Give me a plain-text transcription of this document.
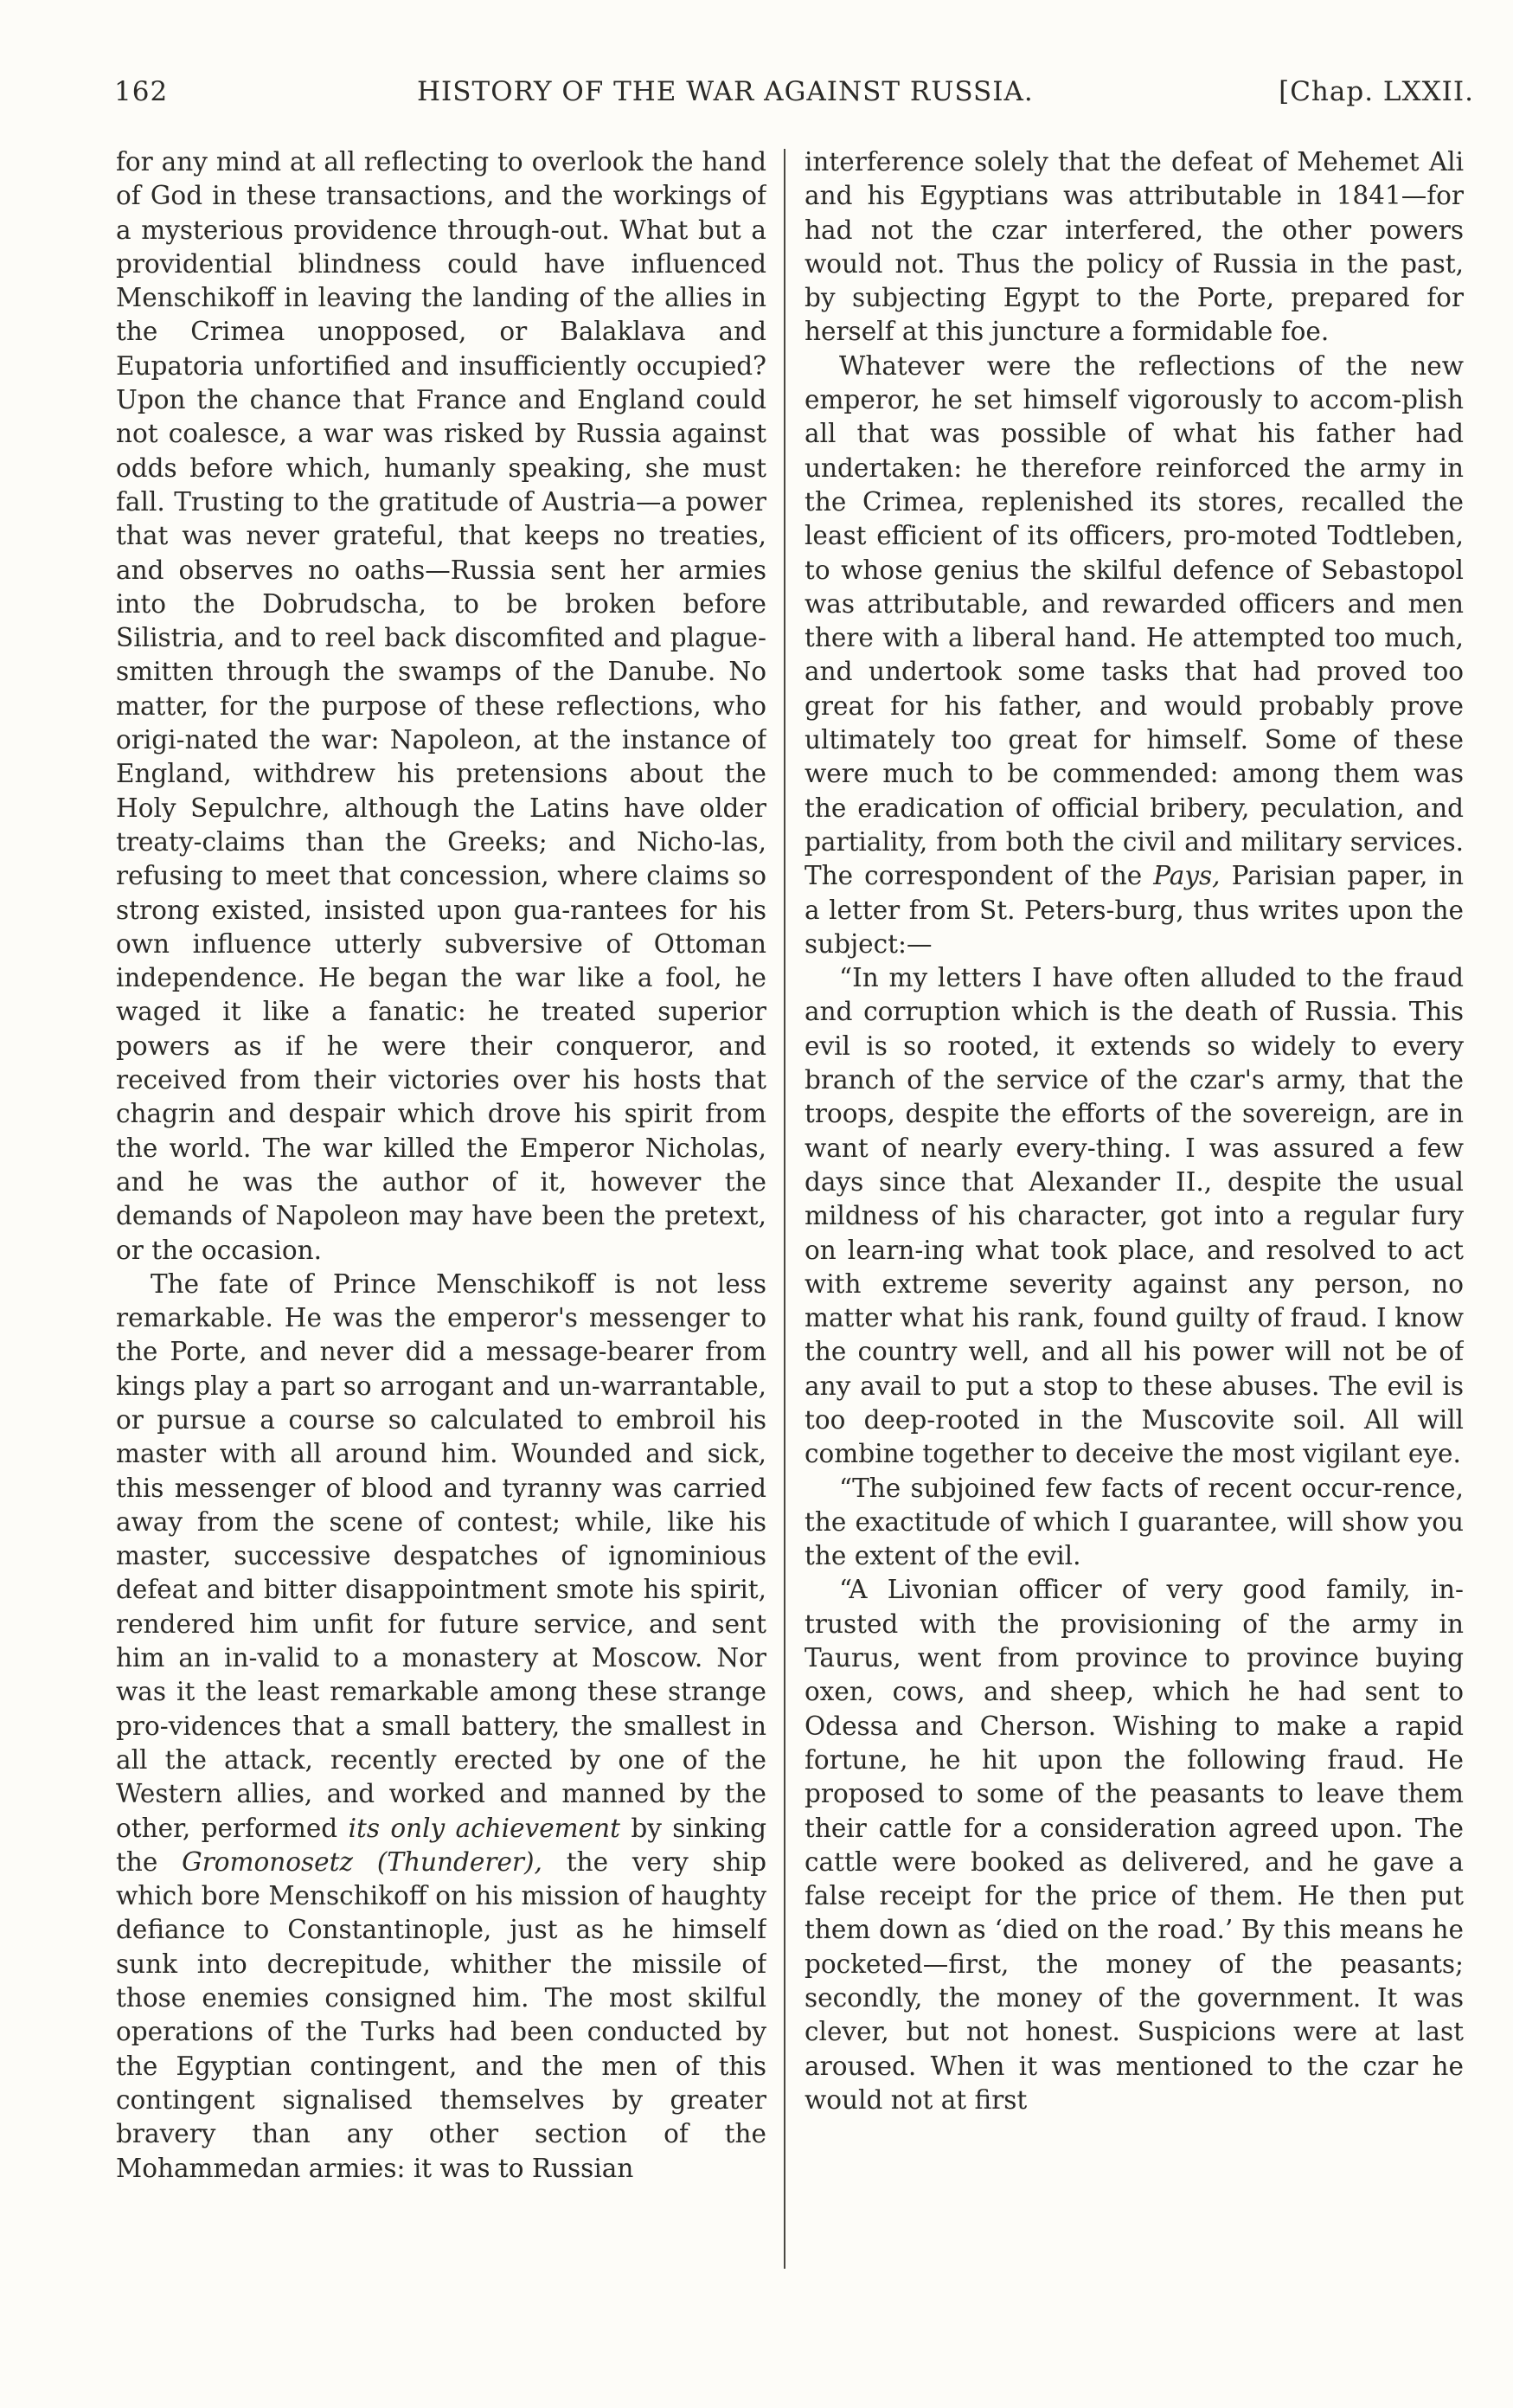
162	HISTORY OF THE WAR AGAINST RUSSIA.	[Chap. LXXII.

for any mind at all reflecting to overlook the hand of God in these transactions, and the workings of a mysterious providence through-out. What but a providential blindness could have influenced Menschikoff in leaving the landing of the allies in the Crimea unopposed, or Balaklava and Eupatoria unfortified and insufficiently occupied? Upon the chance that France and England could not coalesce, a war was risked by Russia against odds before which, humanly speaking, she must fall. Trusting to the gratitude of Austria—a power that was never grateful, that keeps no treaties, and observes no oaths—Russia sent her armies into the Dobrudscha, to be broken before Silistria, and to reel back discomfited and plague-smitten through the swamps of the Danube. No matter, for the purpose of these reflections, who origi-nated the war: Napoleon, at the instance of England, withdrew his pretensions about the Holy Sepulchre, although the Latins have older treaty-claims than the Greeks; and Nicho-las, refusing to meet that concession, where claims so strong existed, insisted upon gua-rantees for his own influence utterly subversive of Ottoman independence. He began the war like a fool, he waged it like a fanatic: he treated superior powers as if he were their conqueror, and received from their victories over his hosts that chagrin and despair which drove his spirit from the world. The war killed the Emperor Nicholas, and he was the author of it, however the demands of Napoleon may have been the pretext, or the occasion.

The fate of Prince Menschikoff is not less remarkable. He was the emperor's messenger to the Porte, and never did a message-bearer from kings play a part so arrogant and un-warrantable, or pursue a course so calculated to embroil his master with all around him. Wounded and sick, this messenger of blood and tyranny was carried away from the scene of contest; while, like his master, successive despatches of ignominious defeat and bitter disappointment smote his spirit, rendered him unfit for future service, and sent him an in-valid to a monastery at Moscow. Nor was it the least remarkable among these strange pro-vidences that a small battery, the smallest in all the attack, recently erected by one of the Western allies, and worked and manned by the other, performed its only achievement by sinking the Gromonosetz (Thunderer), the very ship which bore Menschikoff on his mission of haughty defiance to Constantinople, just as he himself sunk into decrepitude, whither the missile of those enemies consigned him. The most skilful operations of the Turks had been conducted by the Egyptian contingent, and the men of this contingent signalised themselves by greater bravery than any other section of the Mohammedan armies: it was to Russian

interference solely that the defeat of Mehemet Ali and his Egyptians was attributable in 1841—for had not the czar interfered, the other powers would not. Thus the policy of Russia in the past, by subjecting Egypt to the Porte, prepared for herself at this juncture a formidable foe.

Whatever were the reflections of the new emperor, he set himself vigorously to accom-plish all that was possible of what his father had undertaken: he therefore reinforced the army in the Crimea, replenished its stores, recalled the least efficient of its officers, pro-moted Todtleben, to whose genius the skilful defence of Sebastopol was attributable, and rewarded officers and men there with a liberal hand. He attempted too much, and undertook some tasks that had proved too great for his father, and would probably prove ultimately too great for himself. Some of these were much to be commended: among them was the eradication of official bribery, peculation, and partiality, from both the civil and military services. The correspondent of the Pays, Parisian paper, in a letter from St. Peters-burg, thus writes upon the subject:—

“In my letters I have often alluded to the fraud and corruption which is the death of Russia. This evil is so rooted, it extends so widely to every branch of the service of the czar's army, that the troops, despite the efforts of the sovereign, are in want of nearly every-thing. I was assured a few days since that Alexander II., despite the usual mildness of his character, got into a regular fury on learn-ing what took place, and resolved to act with extreme severity against any person, no matter what his rank, found guilty of fraud. I know the country well, and all his power will not be of any avail to put a stop to these abuses. The evil is too deep-rooted in the Muscovite soil. All will combine together to deceive the most vigilant eye.

“The subjoined few facts of recent occur-rence, the exactitude of which I guarantee, will show you the extent of the evil.

“A Livonian officer of very good family, in-trusted with the provisioning of the army in Taurus, went from province to province buying oxen, cows, and sheep, which he had sent to Odessa and Cherson. Wishing to make a rapid fortune, he hit upon the following fraud. He proposed to some of the peasants to leave them their cattle for a consideration agreed upon. The cattle were booked as delivered, and he gave a false receipt for the price of them. He then put them down as ‘died on the road.’ By this means he pocketed—first, the money of the peasants; secondly, the money of the government. It was clever, but not honest. Suspicions were at last aroused. When it was mentioned to the czar he would not at first
